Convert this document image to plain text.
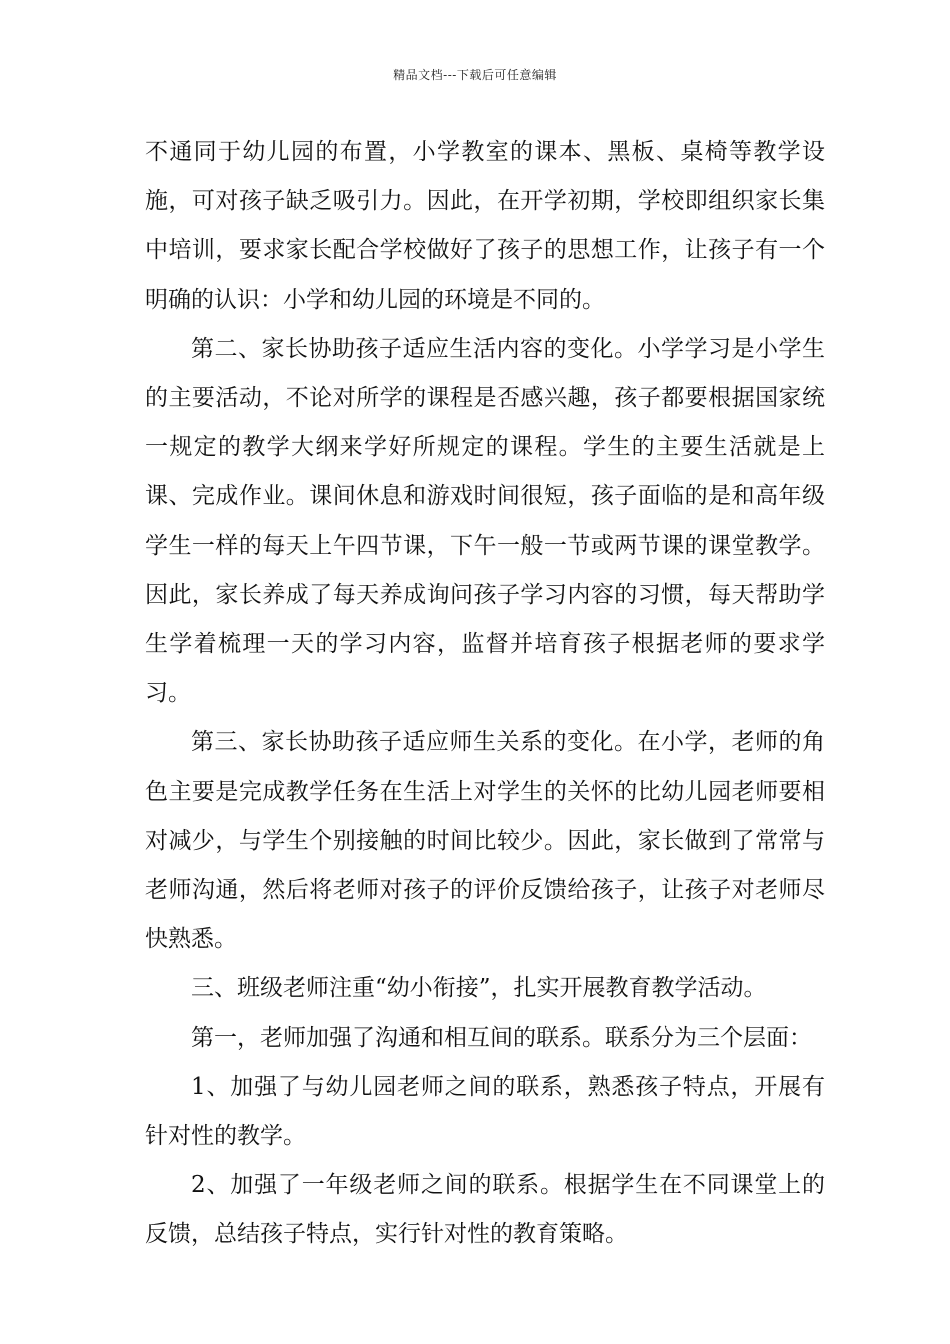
精品文档---下载后可任意编辑

不通同于幼儿园的布置，小学教室的课本、黑板、桌椅等教学设施，可对孩子缺乏吸引力。因此，在开学初期，学校即组织家长集中培训，要求家长配合学校做好了孩子的思想工作，让孩子有一个明确的认识：小学和幼儿园的环境是不同的。

第二、家长协助孩子适应生活内容的变化。小学学习是小学生的主要活动，不论对所学的课程是否感兴趣，孩子都要根据国家统一规定的教学大纲来学好所规定的课程。学生的主要生活就是上课、完成作业。课间休息和游戏时间很短，孩子面临的是和高年级学生一样的每天上午四节课，下午一般一节或两节课的课堂教学。因此，家长养成了每天养成询问孩子学习内容的习惯，每天帮助学生学着梳理一天的学习内容，监督并培育孩子根据老师的要求学习。

第三、家长协助孩子适应师生关系的变化。在小学，老师的角色主要是完成教学任务在生活上对学生的关怀的比幼儿园老师要相对减少，与学生个别接触的时间比较少。因此，家长做到了常常与老师沟通，然后将老师对孩子的评价反馈给孩子，让孩子对老师尽快熟悉。

三、班级老师注重“幼小衔接”，扎实开展教育教学活动。

第一，老师加强了沟通和相互间的联系。联系分为三个层面：

1、加强了与幼儿园老师之间的联系，熟悉孩子特点，开展有针对性的教学。

2、加强了一年级老师之间的联系。根据学生在不同课堂上的反馈，总结孩子特点，实行针对性的教育策略。
